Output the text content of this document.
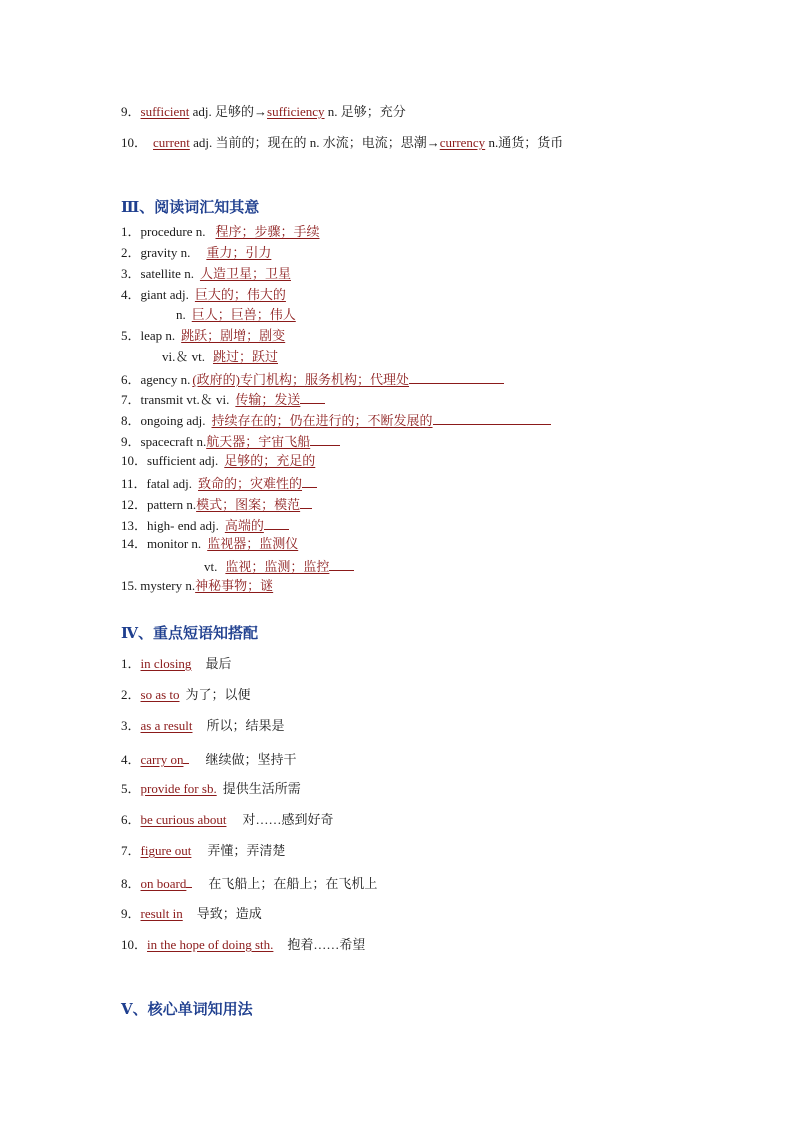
9．sufficient adj. 足够的→sufficiency n. 足够；充分
10． current adj. 当前的；现在的 n. 水流；电流；思潮→currency n.通货；货币
Ⅲ、阅读词汇知其意
1．procedure n. 程序；步骤；手续
2．gravity n. 重力；引力
3．satellite n. 人造卫星；卫星
4．giant adj. 巨大的；伟大的
n. 巨人；巨兽；伟人
5．leap n. 跳跃；剧增；剧变
vi.＆ vt. 跳过；跃过
6．agency n. (政府的)专门机构；服务机构；代理处
7．transmit vt.＆ vi. 传输；发送
8．ongoing adj. 持续存在的；仍在进行的；不断发展的
9．spacecraft n.航天器；宇宙飞船
10．sufficient adj. 足够的；充足的
11．fatal adj. 致命的；灾难性的
12．pattern n.模式；图案；模范
13．high- end adj. 高端的
14．monitor n. 监视器；监测仪
vt. 监视；监测；监控
15. mystery n.神秘事物；谜
Ⅳ、重点短语知搭配
1．in closing 最后
2．so as to 为了；以便
3．as a result 所以；结果是
4．carry on 继续做；坚持干
5．provide for sb. 提供生活所需
6．be curious about 对……感到好奇
7．figure out 弄懂；弄清楚
8．on board 在飞船上；在船上；在飞机上
9．result in 导致；造成
10．in the hope of doing sth. 抱着……希望
Ⅴ、核心单词知用法
